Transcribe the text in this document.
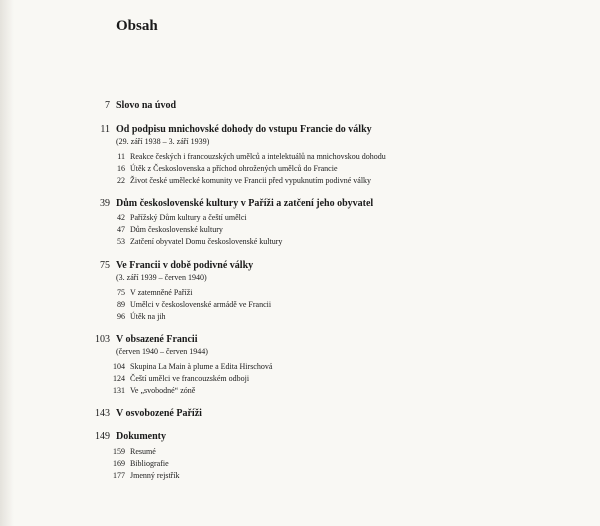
Obsah
7 Slovo na úvod
11 Od podpisu mnichovské dohody do vstupu Francie do války
(29. září 1938 – 3. září 1939)
11 Reakce českých i francouzských umělců a intelektuálů na mnichovskou dohodu
16 Útěk z Československa a příchod ohrožených umělců do Francie
22 Život české umělecké komunity ve Francii před vypuknutím podivné války
39 Dům československé kultury v Paříži a zatčení jeho obyvatel
42 Pařížský Dům kultury a čeští umělci
47 Dům československé kultury
53 Zatčení obyvatel Domu československé kultury
75 Ve Francii v době podivné války
(3. září 1939 – červen 1940)
75 V zatemněné Paříži
89 Umělci v československé armádě ve Francii
96 Útěk na jih
103 V obsazené Francii
(červen 1940 – červen 1944)
104 Skupina La Main à plume a Edita Hirschová
124 Čeští umělci ve francouzském odboji
131 Ve „svobodné“ zóně
143 V osvobozené Paříži
149 Dokumenty
159 Resumé
169 Bibliografie
177 Jmenný rejstřík
